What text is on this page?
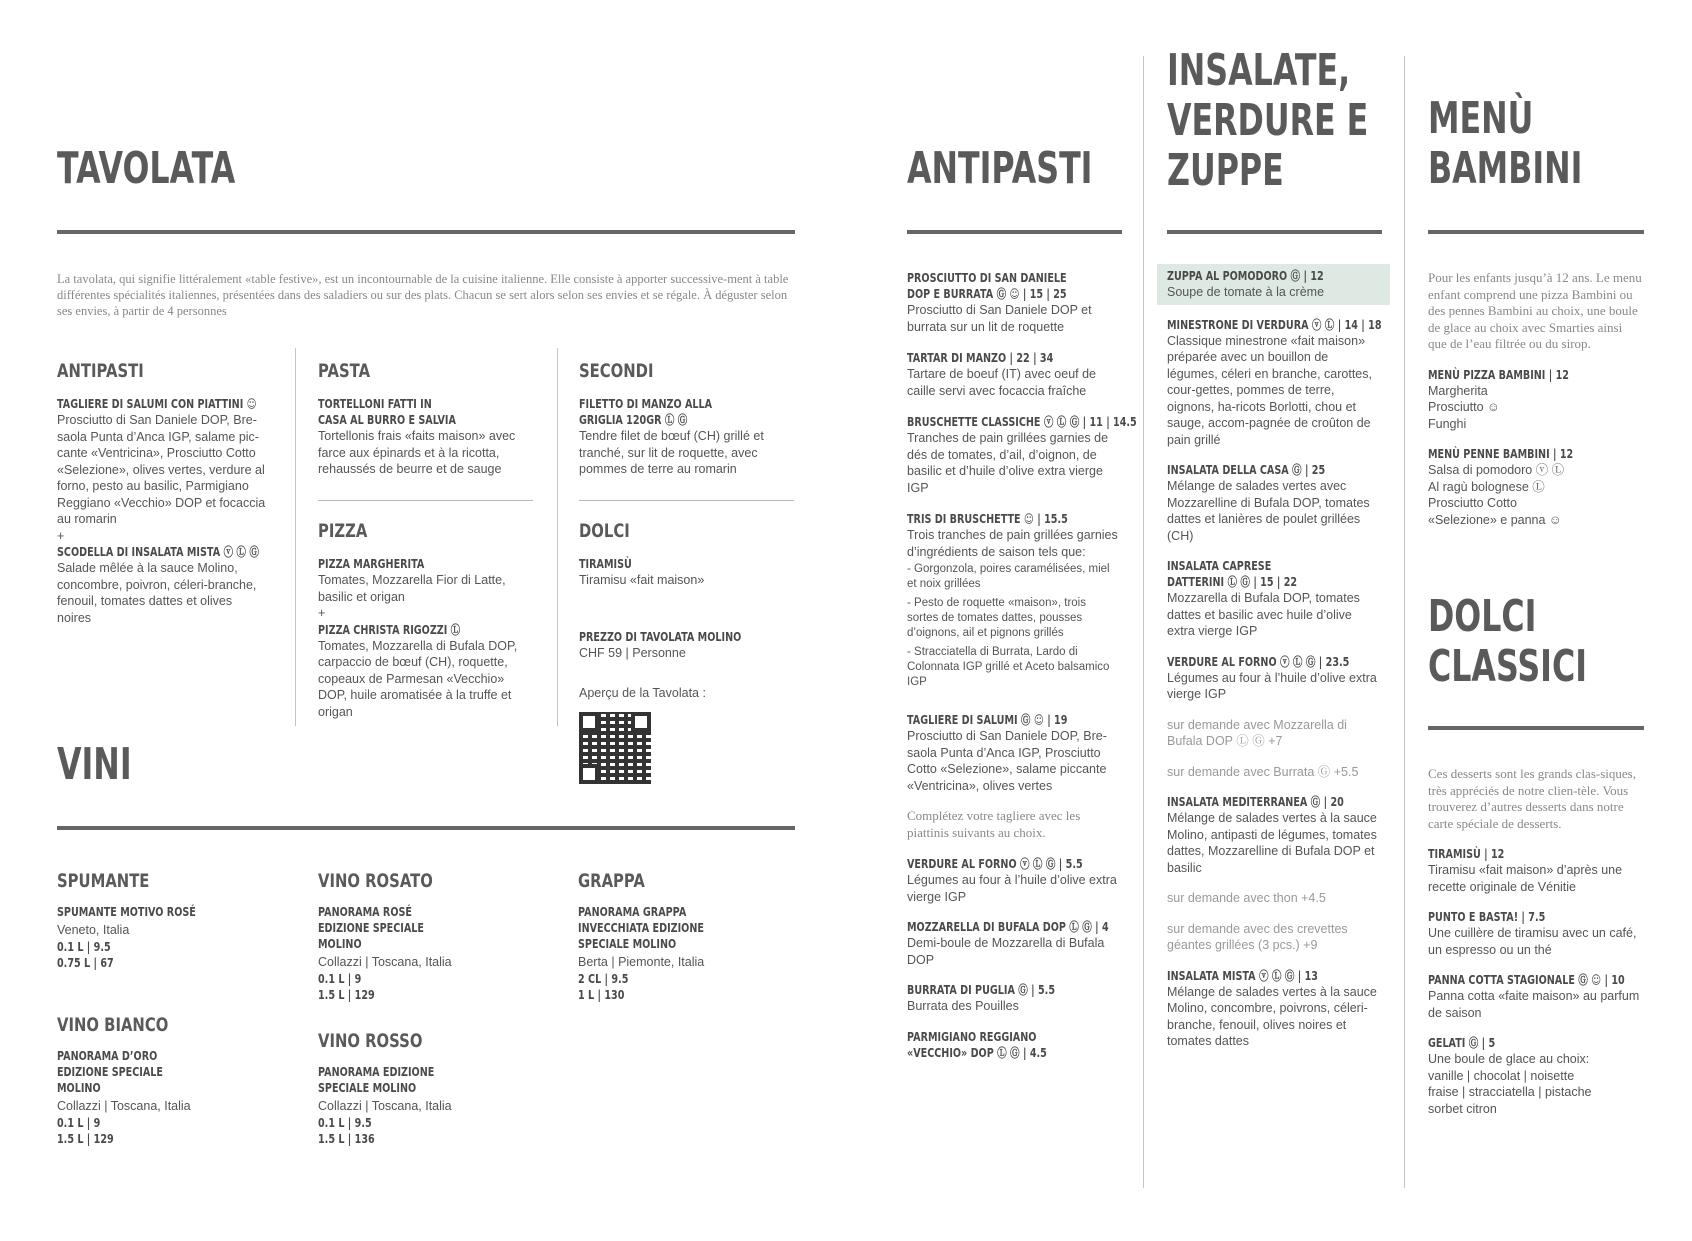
TAVOLATA
La tavolata, qui signifie littéralement «table festive», est un incontournable de la cuisine italienne. Elle consiste à apporter successive-ment à table différentes spécialités italiennes, présentées dans des saladiers ou sur des plats. Chacun se sert alors selon ses envies et se régale. À déguster selon ses envies, à partir de 4 personnes
ANTIPASTI
TAGLIERE DI SALUMI CON PIATTINI ☺
Prosciutto di San Daniele DOP, Bre-saola Punta d’Anca IGP, salame pic-cante «Ventricina», Prosciutto Cotto «Selezione», olives vertes, verdure al forno, pesto au basilic, Parmigiano Reggiano «Vecchio» DOP et focaccia au romarin
+
SCODELLA DI INSALATA MISTA ⓥ Ⓛ Ⓖ
Salade mêlée à la sauce Molino, concombre, poivron, céleri-branche, fenouil, tomates dattes et olives noires
PASTA
TORTELLONI FATTI IN CASA AL BURRO E SALVIA
Tortellonis frais «faits maison» avec farce aux épinards et à la ricotta, rehaussés de beurre et de sauge
PIZZA
PIZZA MARGHERITA
Tomates, Mozzarella Fior di Latte, basilic et origan
+
PIZZA CHRISTA RIGOZZI Ⓛ
Tomates, Mozzarella di Bufala DOP, carpaccio de bœuf (CH), roquette, copeaux de Parmesan «Vecchio» DOP, huile aromatisée à la truffe et origan
SECONDI
FILETTO DI MANZO ALLA GRIGLIA 120GR Ⓛ Ⓖ
Tendre filet de bœuf (CH) grillé et tranché, sur lit de roquette, avec pommes de terre au romarin
DOLCI
TIRAMISÙ
Tiramisu «fait maison»
PREZZO DI TAVOLATA MOLINO
CHF 59 | Personne
Aperçu de la Tavolata :
VINI
SPUMANTE
SPUMANTE MOTIVO ROSÉ
Veneto, Italia
0.1 L | 9.5
0.75 L | 67
VINO BIANCO
PANORAMA D’ORO EDIZIONE SPECIALE MOLINO
Collazzi | Toscana, Italia
0.1 L | 9
1.5 L | 129
VINO ROSATO
PANORAMA ROSÉ EDIZIONE SPECIALE MOLINO
Collazzi | Toscana, Italia
0.1 L | 9
1.5 L | 129
VINO ROSSO
PANORAMA EDIZIONE SPECIALE MOLINO
Collazzi | Toscana, Italia
0.1 L | 9.5
1.5 L | 136
GRAPPA
PANORAMA GRAPPA INVECCHIATA EDIZIONE SPECIALE MOLINO
Berta | Piemonte, Italia
2 CL | 9.5
1 L | 130
ANTIPASTI
PROSCIUTTO DI SAN DANIELE DOP E BURRATA Ⓖ ☺ | 15 | 25
Prosciutto di San Daniele DOP et burrata sur un lit de roquette
TARTAR DI MANZO | 22 | 34
Tartare de boeuf (IT) avec oeuf de caille servi avec focaccia fraîche
BRUSCHETTE CLASSICHE ⓥ Ⓛ Ⓖ | 11 | 14.5
Tranches de pain grillées garnies de dés de tomates, d’ail, d’oignon, de basilic et d’huile d’olive extra vierge IGP
TRIS DI BRUSCHETTE ☺ | 15.5
Trois tranches de pain grillées garnies d’ingrédients de saison tels que:
- Gorgonzola, poires caramélisées, miel et noix grillées
- Pesto de roquette «maison», trois sortes de tomates dattes, pousses d’oignons, ail et pignons grillés
- Stracciatella di Burrata, Lardo di Colonnata IGP grillé et Aceto balsamico IGP
TAGLIERE DI SALUMI Ⓖ ☺ | 19
Prosciutto di San Daniele DOP, Bre-saola Punta d’Anca IGP, Prosciutto Cotto «Selezione», salame piccante «Ventricina», olives vertes
Complétez votre tagliere avec les piattinis suivants au choix.
VERDURE AL FORNO ⓥ Ⓛ Ⓖ | 5.5
Légumes au four à l’huile d’olive extra vierge IGP
MOZZARELLA DI BUFALA DOP Ⓛ Ⓖ | 4
Demi-boule de Mozzarella di Bufala DOP
BURRATA DI PUGLIA Ⓖ | 5.5
Burrata des Pouilles
PARMIGIANO REGGIANO «VECCHIO» DOP Ⓛ Ⓖ | 4.5
INSALATE,
VERDURE E
ZUPPE
ZUPPA AL POMODORO Ⓖ | 12
Soupe de tomate à la crème
MINESTRONE DI VERDURA ⓥ Ⓛ | 14 | 18
Classique minestrone «fait maison» préparée avec un bouillon de légumes, céleri en branche, carottes, cour-gettes, pommes de terre, oignons, ha-ricots Borlotti, chou et sauge, accom-pagnée de croûton de pain grillé
INSALATA DELLA CASA Ⓖ | 25
Mélange de salades vertes avec Mozzarelline di Bufala DOP, tomates dattes et lanières de poulet grillées (CH)
INSALATA CAPRESE DATTERINI Ⓛ Ⓖ | 15 | 22
Mozzarella di Bufala DOP, tomates dattes et basilic avec huile d’olive extra vierge IGP
VERDURE AL FORNO ⓥ Ⓛ Ⓖ | 23.5
Légumes au four à l’huile d’olive extra vierge IGP
sur demande avec Mozzarella di Bufala DOP Ⓛ Ⓖ +7
sur demande avec Burrata Ⓖ +5.5
INSALATA MEDITERRANEA Ⓖ | 20
Mélange de salades vertes à la sauce Molino, antipasti de légumes, tomates dattes, Mozzarelline di Bufala DOP et basilic
sur demande avec thon +4.5
sur demande avec des crevettes géantes grillées (3 pcs.) +9
INSALATA MISTA ⓥ Ⓛ Ⓖ | 13
Mélange de salades vertes à la sauce Molino, concombre, poivrons, céleri-branche, fenouil, olives noires et tomates dattes
MENÙ
BAMBINI
Pour les enfants jusqu’à 12 ans. Le menu enfant comprend une pizza Bambini ou des pennes Bambini au choix, une boule de glace au choix avec Smarties ainsi que de l’eau filtrée ou du sirop.
MENÙ PIZZA BAMBINI | 12
Margherita
Prosciutto ☺
Funghi
MENÙ PENNE BAMBINI | 12
Salsa di pomodoro ⓥ Ⓛ
Al ragù bolognese Ⓛ
Prosciutto Cotto
«Selezione» e panna ☺
DOLCI
CLASSICI
Ces desserts sont les grands clas-siques, très appréciés de notre clien-tèle. Vous trouverez d’autres desserts dans notre carte spéciale de desserts.
TIRAMISÙ | 12
Tiramisu «fait maison» d’après une recette originale de Vénitie
PUNTO E BASTA! | 7.5
Une cuillère de tiramisu avec un café, un espresso ou un thé
PANNA COTTA STAGIONALE Ⓖ ☺ | 10
Panna cotta «faite maison» au parfum de saison
GELATI Ⓖ | 5
Une boule de glace au choix: vanille | chocolat | noisette fraise | stracciatella | pistache sorbet citron
